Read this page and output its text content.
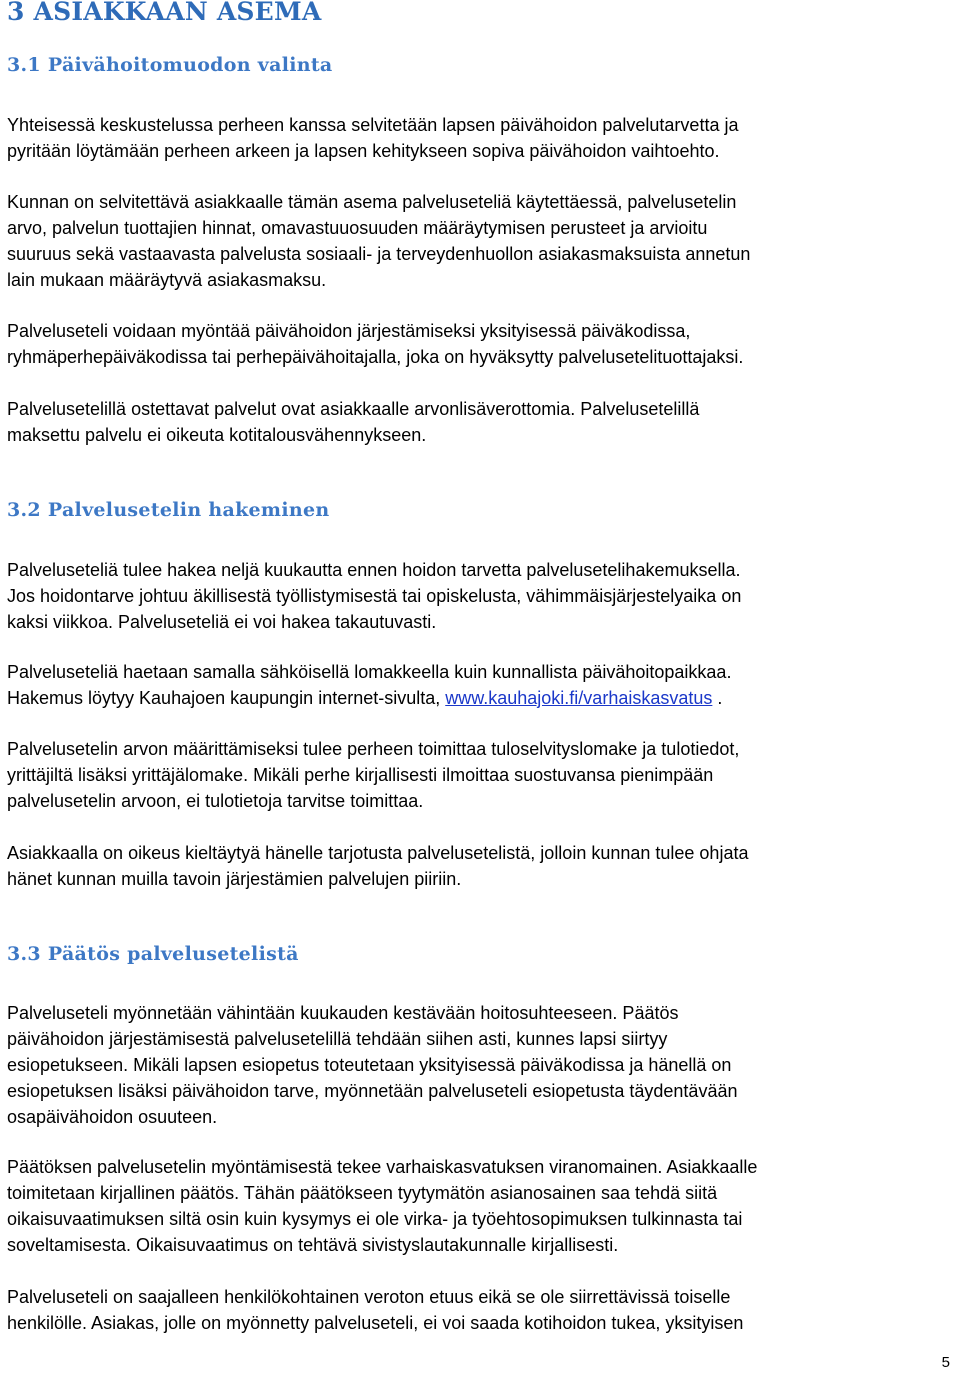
3 ASIAKKAAN ASEMA
3.1 Päivähoitomuodon valinta
Yhteisessä keskustelussa perheen kanssa selvitetään lapsen päivähoidon palvelutarvetta ja
pyritään löytämään perheen arkeen ja lapsen kehitykseen sopiva päivähoidon vaihtoehto.
Kunnan on selvitettävä asiakkaalle tämän asema palveluseteliä käytettäessä, palvelusetelin
arvo, palvelun tuottajien hinnat, omavastuuosuuden määräytymisen perusteet ja arvioitu
suuruus sekä vastaavasta palvelusta sosiaali- ja terveydenhuollon asiakasmaksuista annetun
lain mukaan määräytyvä asiakasmaksu.
Palveluseteli voidaan myöntää päivähoidon järjestämiseksi yksityisessä päiväkodissa,
ryhmäperhepäiväkodissa tai perhepäivähoitajalla, joka on hyväksytty palvelusetelituottajaksi.
Palvelusetelillä ostettavat palvelut ovat asiakkaalle arvonlisäverottomia. Palvelusetelillä
maksettu palvelu ei oikeuta kotitalousvähennykseen.
3.2 Palvelusetelin hakeminen
Palveluseteliä tulee hakea neljä kuukautta ennen hoidon tarvetta palvelusetelihakemuksella.
Jos hoidontarve johtuu äkillisestä työllistymisestä tai opiskelusta, vähimmäisjärjestelyaika on
kaksi viikkoa. Palveluseteliä ei voi hakea takautuvasti.
Palveluseteliä haetaan samalla sähköisellä lomakkeella kuin kunnallista päivähoitopaikkaa.
Hakemus löytyy Kauhajoen kaupungin internet-sivulta, www.kauhajoki.fi/varhaiskasvatus .
Palvelusetelin arvon määrittämiseksi tulee perheen toimittaa tuloselvityslomake ja tulotiedot,
yrittäjiltä lisäksi yrittäjälomake. Mikäli perhe kirjallisesti ilmoittaa suostuvansa pienimpään
palvelusetelin arvoon, ei tulotietoja tarvitse toimittaa.
Asiakkaalla on oikeus kieltäytyä hänelle tarjotusta palvelusetelistä, jolloin kunnan tulee ohjata
hänet kunnan muilla tavoin järjestämien palvelujen piiriin.
3.3 Päätös palvelusetelistä
Palveluseteli myönnetään vähintään kuukauden kestävään hoitosuhteeseen. Päätös
päivähoidon järjestämisestä palvelusetelillä tehdään siihen asti, kunnes lapsi siirtyy
esiopetukseen. Mikäli lapsen esiopetus toteutetaan yksityisessä päiväkodissa ja hänellä on
esiopetuksen lisäksi päivähoidon tarve, myönnetään palveluseteli esiopetusta täydentävään
osapäivähoidon osuuteen.
Päätöksen palvelusetelin myöntämisestä tekee varhaiskasvatuksen viranomainen. Asiakkaalle
toimitetaan kirjallinen päätös. Tähän päätökseen tyytymätön asianosainen saa tehdä siitä
oikaisuvaatimuksen siltä osin kuin kysymys ei ole virka- ja työehtosopimuksen tulkinnasta tai
soveltamisesta. Oikaisuvaatimus on tehtävä sivistyslautakunnalle kirjallisesti.
Palveluseteli on saajalleen henkilökohtainen veroton etuus eikä se ole siirrettävissä toiselle
henkilölle. Asiakas, jolle on myönnetty palveluseteli, ei voi saada kotihoidon tukea, yksityisen
5
